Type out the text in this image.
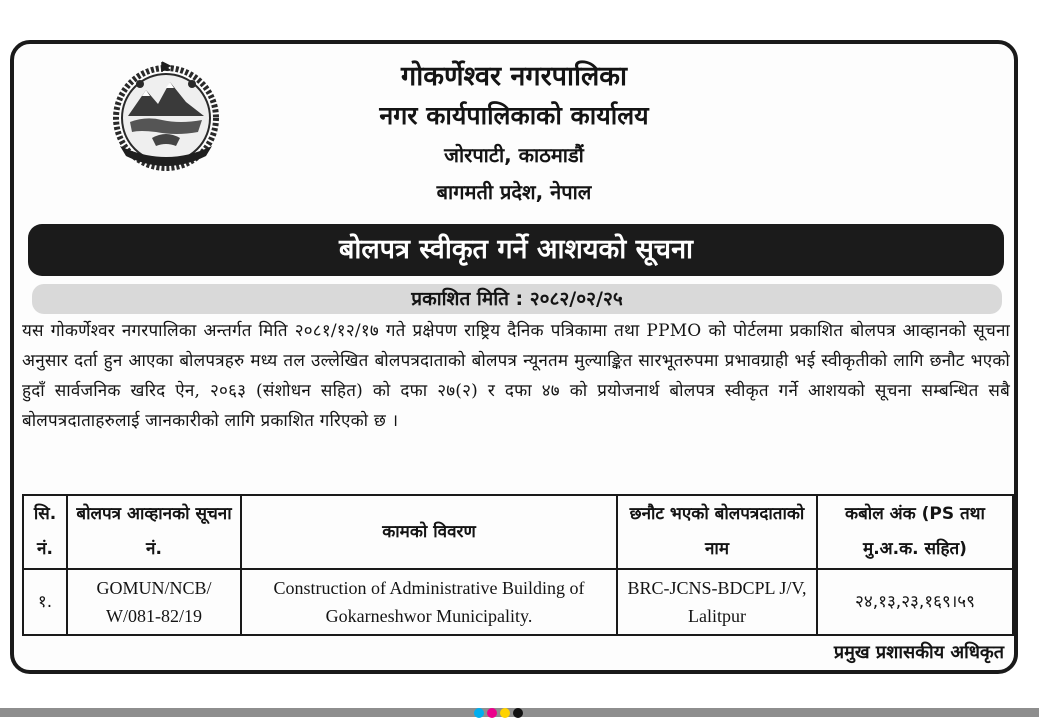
गोकर्णेश्वर नगरपालिका
नगर कार्यपालिकाको कार्यालय
जोरपाटी, काठमाडौं
बागमती प्रदेश, नेपाल
बोलपत्र स्वीकृत गर्ने आशयको सूचना
प्रकाशित मिति : २०८२/०२/२५
यस गोकर्णेश्वर नगरपालिका अन्तर्गत मिति २०८१/१२/१७ गते प्रक्षेपण राष्ट्रिय दैनिक पत्रिकामा तथा PPMO को पोर्टलमा प्रकाशित बोलपत्र आव्हानको सूचना अनुसार दर्ता हुन आएका बोलपत्रहरु मध्य तल उल्लेखित बोलपत्रदाताको बोलपत्र न्यूनतम मुल्याङ्कित सारभूतरुपमा प्रभावग्राही भई स्वीकृतीको लागि छनौट भएको हुदाँ सार्वजनिक खरिद ऐन, २०६३ (संशोधन सहित) को दफा २७(२) र दफा ४७ को प्रयोजनार्थ बोलपत्र स्वीकृत गर्ने आशयको सूचना सम्बन्धित सबै बोलपत्रदाताहरुलाई जानकारीको लागि प्रकाशित गरिएको छ ।
सि. नं.	बोलपत्र आव्हानको सूचना नं.	कामको विवरण	छनौट भएको बोलपत्रदाताको नाम	कबोल अंक (PS तथा मु.अ.क. सहित)
१.	GOMUN/NCB/ W/081-82/19	Construction of Administrative Building of Gokarneshwor Municipality.	BRC-JCNS-BDCPL J/V, Lalitpur	२४,१३,२३,१६९।५९
प्रमुख प्रशासकीय अधिकृत
